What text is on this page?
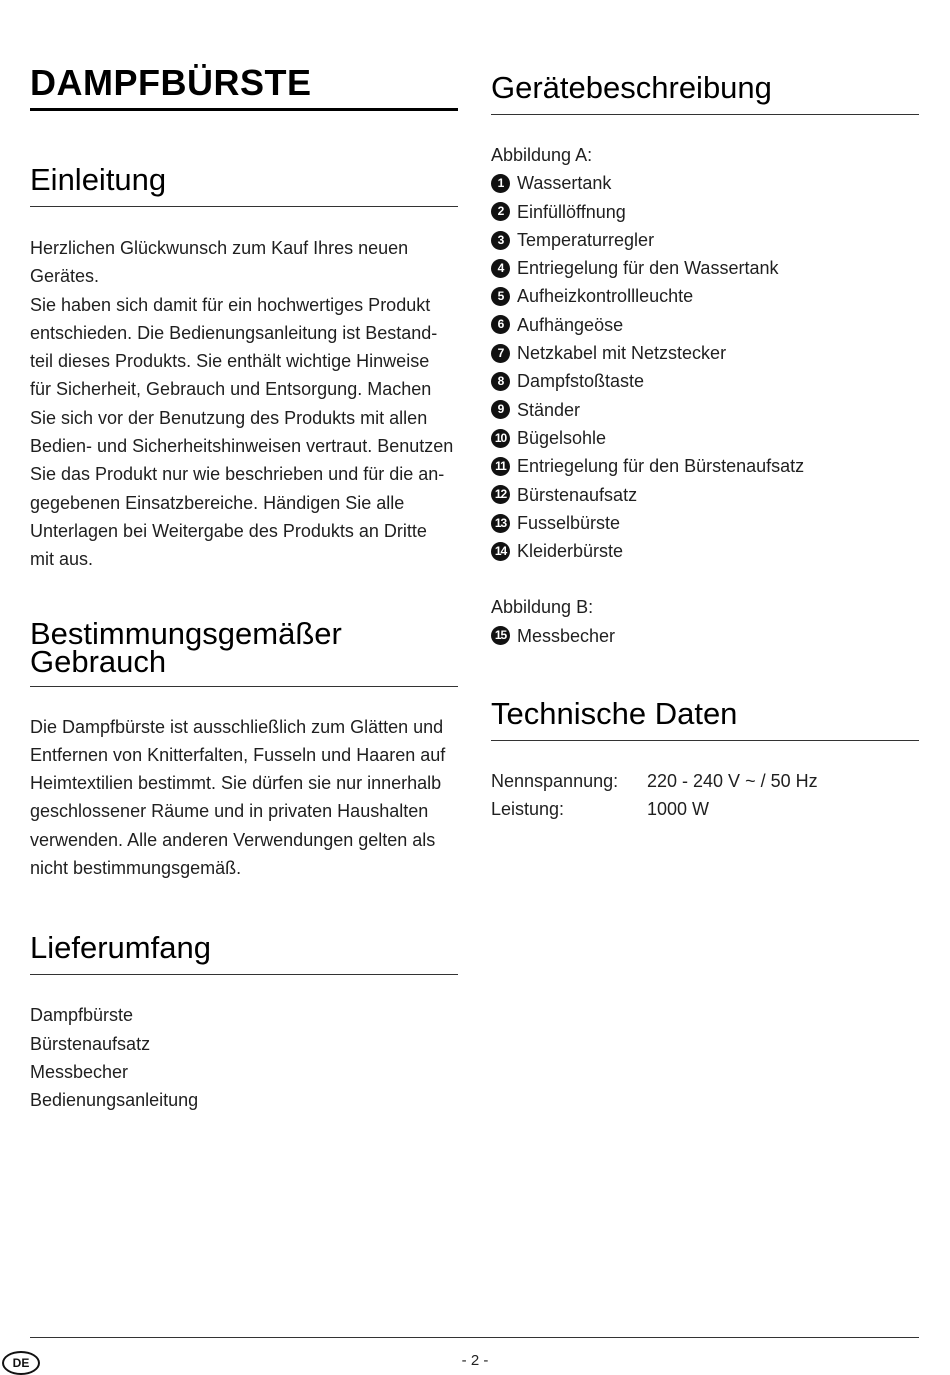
DAMPFBÜRSTE
Einleitung
Herzlichen Glückwunsch zum Kauf Ihres neuen
Gerätes.
Sie haben sich damit für ein hochwertiges Produkt
entschieden. Die Bedienungsanleitung ist Bestand-
teil dieses Produkts. Sie enthält wichtige Hinweise
für Sicherheit, Gebrauch und Entsorgung. Machen
Sie sich vor der Benutzung des Produkts mit allen
Bedien- und Sicherheitshinweisen vertraut. Benutzen
Sie das Produkt nur wie beschrieben und für die an-
gegebenen Einsatzbereiche. Händigen Sie alle
Unterlagen bei Weitergabe des Produkts an Dritte
mit aus.
Bestimmungsgemäßer
Gebrauch
Die Dampfbürste ist ausschließlich zum Glätten und
Entfernen von Knitterfalten, Fusseln und Haaren auf
Heimtextilien bestimmt. Sie dürfen sie nur innerhalb
geschlossener Räume und in privaten Haushalten
verwenden. Alle anderen Verwendungen gelten als
nicht bestimmungsgemäß.
Lieferumfang
Dampfbürste
Bürstenaufsatz
Messbecher
Bedienungsanleitung
Gerätebeschreibung
Abbildung A:
1 Wassertank
2 Einfüllöffnung
3 Temperaturregler
4 Entriegelung für den Wassertank
5 Aufheizkontrollleuchte
6 Aufhängeöse
7 Netzkabel mit Netzstecker
8 Dampfstoßtaste
9 Ständer
10 Bügelsohle
11 Entriegelung für den Bürstenaufsatz
12 Bürstenaufsatz
13 Fusselbürste
14 Kleiderbürste
Abbildung B:
15 Messbecher
Technische Daten
Nennspannung:	220 - 240 V ~ / 50 Hz
Leistung:	1000 W
DE	- 2 -
